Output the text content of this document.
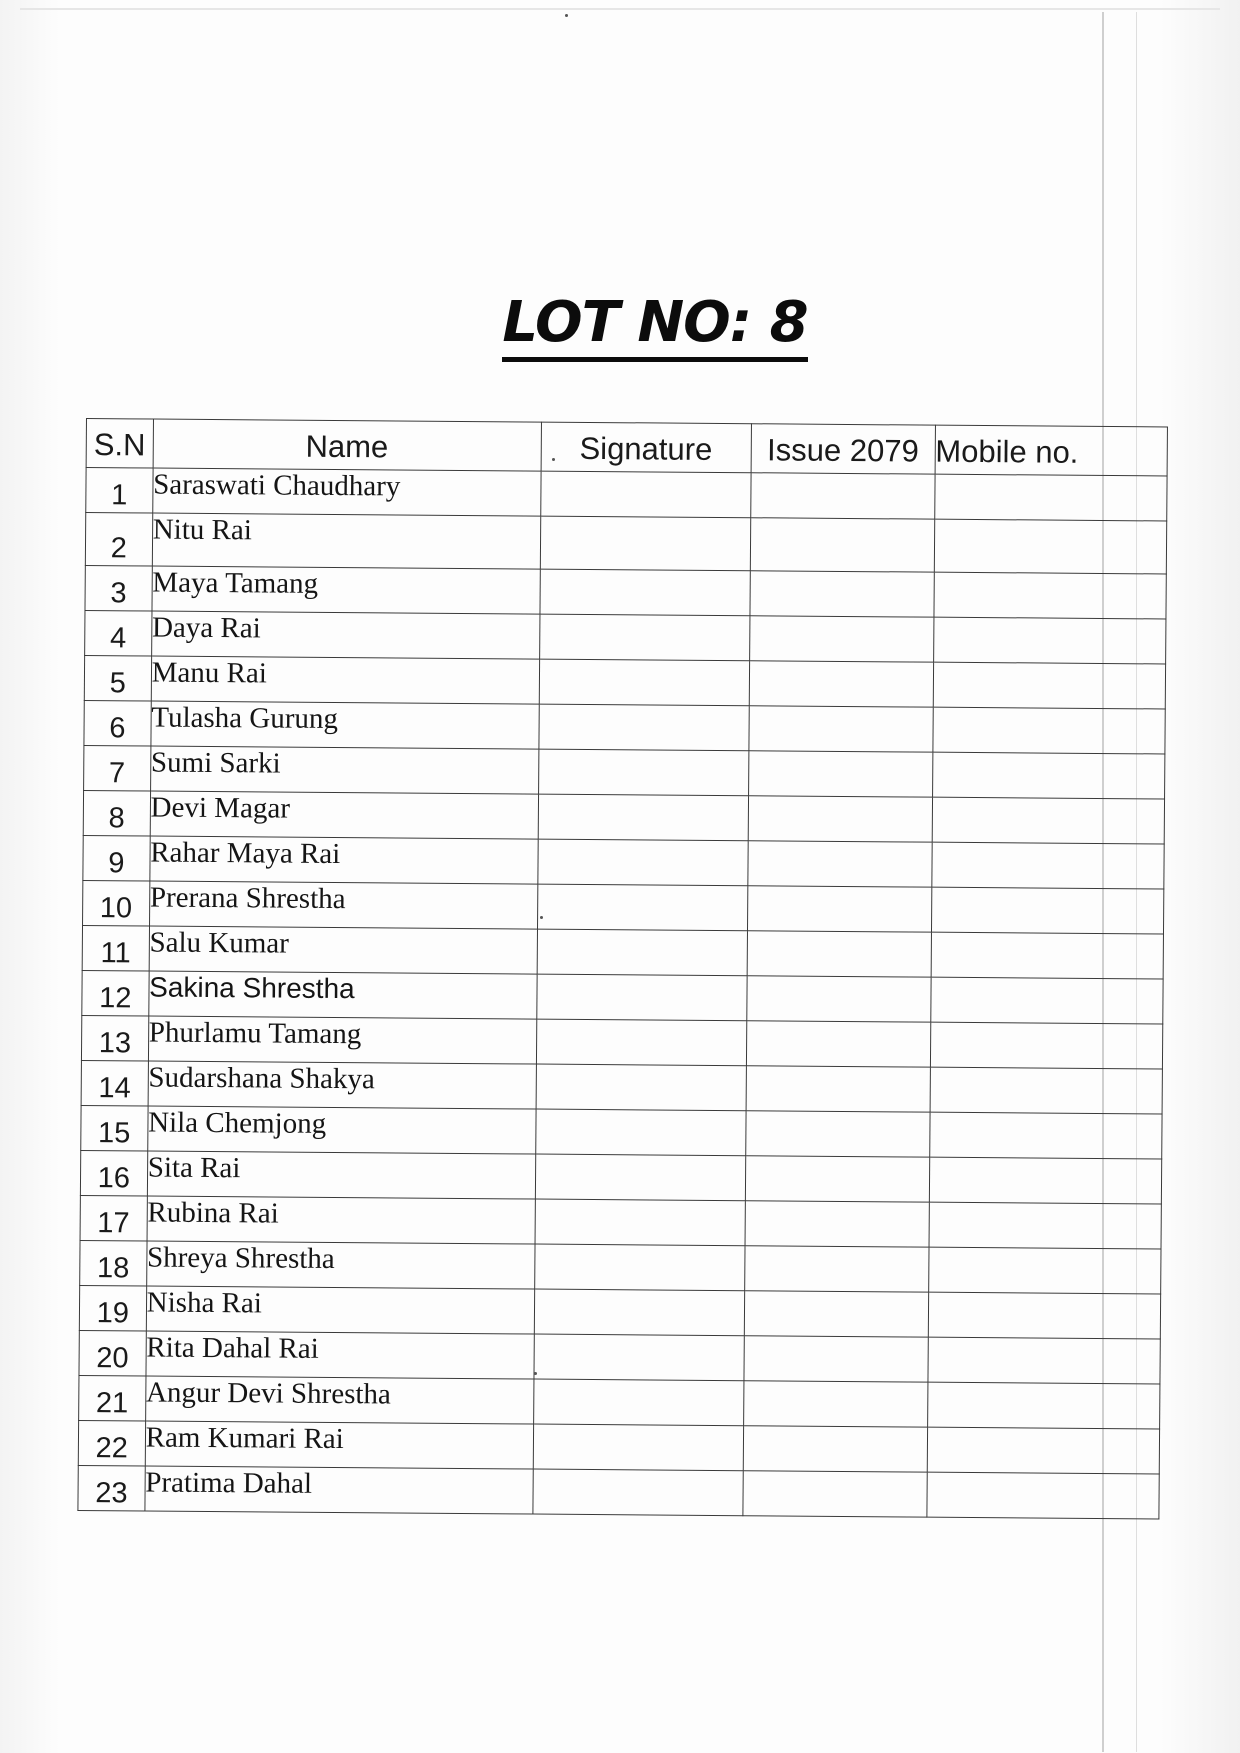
LOT NO: 8
S.N	Name	Signature	Issue 2079	Mobile no.
1	Saraswati Chaudhary			
2	Nitu Rai			
3	Maya Tamang			
4	Daya Rai			
5	Manu Rai			
6	Tulasha Gurung			
7	Sumi Sarki			
8	Devi Magar			
9	Rahar Maya Rai			
10	Prerana Shrestha			
11	Salu Kumar			
12	Sakina Shrestha			
13	Phurlamu Tamang			
14	Sudarshana Shakya			
15	Nila Chemjong			
16	Sita Rai			
17	Rubina Rai			
18	Shreya Shrestha			
19	Nisha Rai			
20	Rita Dahal Rai			
21	Angur Devi Shrestha			
22	Ram Kumari Rai			
23	Pratima Dahal			
